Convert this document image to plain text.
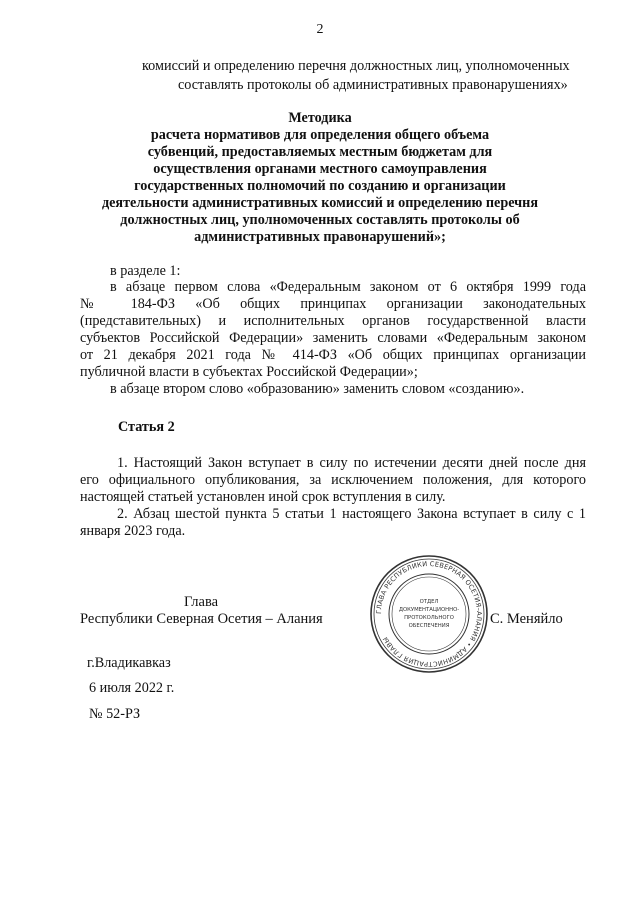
2
комиссий и определению перечня должностных лиц, уполномоченных
составлять протоколы об административных правонарушениях»
Методика
расчета нормативов для определения общего объема
субвенций, предоставляемых местным бюджетам для
осуществления органами местного самоуправления
государственных полномочий по созданию и организации
деятельности административных комиссий и определению перечня
должностных лиц, уполномоченных составлять протоколы об
административных правонарушений»;
в разделе 1:
в абзаце первом слова «Федеральным законом от 6 октября 1999 года
№ 184-ФЗ «Об общих принципах организации законодательных
(представительных) и исполнительных органов государственной власти
субъектов Российской Федерации» заменить словами «Федеральным законом
от 21 декабря 2021 года № 414-ФЗ «Об общих принципах организации
публичной власти в субъектах Российской Федерации»;
в абзаце втором слово «образованию» заменить словом «созданию».
Статья 2
1. Настоящий Закон вступает в силу по истечении десяти дней после дня
его официального опубликования, за исключением положения, для которого
настоящей статьей установлен иной срок вступления в силу.
2. Абзац шестой пункта 5 статьи 1 настоящего Закона вступает в силу с 1
января 2023 года.
Глава
Республики Северная Осетия – Алания	ГЛАВА РЕСПУБЛИКИ СЕВЕРНАЯ ОСЕТИЯ–АЛАНИЯ • АДМИНИСТРАЦИЯ ГЛАВЫ
ОТДЕЛ
ДОКУМЕНТАЦИОННО-
ПРОТОКОЛЬНОГО
ОБЕСПЕЧЕНИЯ	С. Меняйло
г.Владикавказ
6 июля 2022 г.
№ 52-РЗ
